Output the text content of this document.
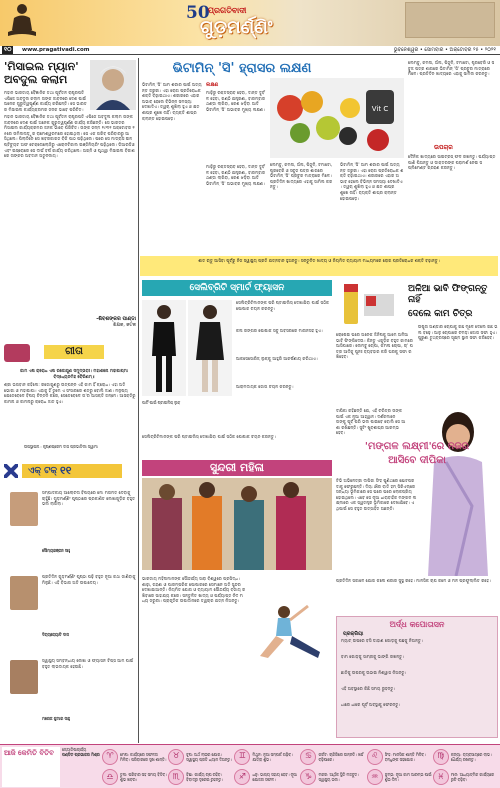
50
ପ୍ରଗତିବାଦୀ
ଗୁଡ଼ମର୍ଣ୍ଣିଂ
୧୦	www.pragativadi.com	ଭୁବନେଶ୍ୱର • ସୋମବାର • ଅକ୍ଟୋବର ୨୫ • ୨୦୨୧
'ମିସାଇଲ ମ୍ୟାନ' ଅବଦୁଲ କଲାମ
ମହାନ ଭାରତୀୟ ବୈଜ୍ଞାନିକ ତଥା ପୂର୍ବତନ ରାଷ୍ଟ୍ରପତି ଏପିଜେ ଅବଦୁଲ କଲାମ ତାଙ୍କ ଜୀବନରେ ଦେଶ ପାଇଁ ଅନେକ ଗୁରୁତ୍ୱପୂର୍ଣ୍ଣ କାର୍ଯ୍ୟ କରିଛନ୍ତି। ସେ ଭାରତର ମିସାଇଲ କାର୍ଯ୍ୟକ୍ରମର ଜନକ ଭାବେ ପରିଚିତ।
ମହାନ ଭାରତୀୟ ବୈଜ୍ଞାନିକ ତଥା ପୂର୍ବତନ ରାଷ୍ଟ୍ରପତି ଏପିଜେ ଅବଦୁଲ କଲାମ ତାଙ୍କ ଜୀବନରେ ଦେଶ ପାଇଁ ଅନେକ ଗୁରୁତ୍ୱପୂର୍ଣ୍ଣ କାର୍ଯ୍ୟ କରିଛନ୍ତି। ସେ ଭାରତର ମିସାଇଲ କାର୍ଯ୍ୟକ୍ରମର ଜନକ ଭାବେ ପରିଚିତ। ତାଙ୍କ ଜନ୍ମ ୧୯୩୧ ଅକ୍ଟୋବର ୧୫ରେ ତାମିଲନାଡ଼ୁର ରାମେଶ୍ୱରମରେ ହୋଇଥିଲା। ସେ ଏକ ଗରିବ ପରିବାରରୁ ଆସିଥିଲେ। ପିଲାଦିନେ ସେ ଖବରକାଗଜ ବିକି ପାଠ ପଢ଼ିଥିଲେ। ପରେ ସେ ମାଡ୍ରାସ ଇନଷ୍ଟିଚ୍ୟୁଟ ଅଫ ଟେକ୍ନୋଲୋଜିରୁ ଏରୋନଟିକାଲ ଇଞ୍ଜିନିୟରିଂ ପଢ଼ିଥିଲେ। ଡିଆରଡିଓ ଏବଂ ଇସ୍ରୋରେ ସେ ଦୀର୍ଘ ବର୍ଷ କାର୍ଯ୍ୟ କରିଥିଲେ। ଅଗ୍ନି ଓ ପୃଥ୍ୱୀ ମିସାଇଲ ବିକାଶରେ ତାଙ୍କର ଅବଦାନ ଅତୁଳନୀୟ।
-ଶିବଶଙ୍କର ପାଣ୍ଡା
ଶିକ୍ଷକ, କଟକ
ଗୀତା
କାମ ଏଷ କ୍ରୋଧ ଏଷ ରଜୋଗୁଣ ସମୁଦ୍ଭବଃ। ମହାଶନୋ ମହାପାପ୍ମା ବିଦ୍ଧ୍ୟେନମିହ ବୈରିଣମ୍॥
ଶ୍ରୀ ଭଗବାନ କହିଲେ: ରଜୋଗୁଣରୁ ଉତ୍ପନ୍ନ ଏହି କାମ ହିଁ କ୍ରୋଧ। ଏହା ଅତି ଭୋଗୀ ଓ ମହାପାପୀ। ଏହାକୁ ହିଁ ତୁମେ ଏ ସଂସାରରେ ଶତ୍ରୁ ବୋଲି ଜାଣ। ମନୁଷ୍ୟ ଯେତେବେଳେ ବିଷୟ ଚିନ୍ତନ କରେ, ସେତେବେଳେ ତା'ର ଆସକ୍ତି ଜନ୍ମେ। ଆସକ୍ତିରୁ କାମନା ଓ କାମନାରୁ କ୍ରୋଧ ଜାତ ହୁଏ।
ଉପସ୍ଥାପନା : କୃଷ୍ଣପ୍ରେମ ଦାସ ପ୍ରଭାତିଲୀ ସ୍ୱାମୀ
ଏକ୍ ଟକ୍ ୧୧
ସମ୍ପାଦକୀୟ ଆଲୋଚନା ବିଷୟରେ ମୋ ମତାମତ ଦେବାକୁ ଚାହୁଁଛି। ଗୁଡ଼ମର୍ଣ୍ଣିଂ ପୃଷ୍ଠାରେ ପ୍ରକାଶିତ ଲେଖାଗୁଡ଼ିକ ବହୁତ ଭଲ ଲାଗିଲା।
ସୌମ୍ୟରଞ୍ଜନ ସାହୁ
ପ୍ରତିଦିନ ଗୁଡ଼ମର୍ଣ୍ଣିଂ ପୃଷ୍ଠା ପଢ଼ି ବହୁତ ନୂଆ କଥା ଜାଣିବାକୁ ମିଳୁଛି। ଏହି ବିଭାଗ ଅତି ଉପାଦେୟ।
ଦିବ୍ୟଜ୍ୟୋତି ଦାସ
ସ୍ୱାସ୍ଥ୍ୟ ସମ୍ବନ୍ଧୀୟ ଲେଖା ଓ ଫ୍ୟାସନ ଟିପ୍ସ ଆମ ପାଇଁ ବହୁତ ଲାଭଦାୟକ ହେଉଛି।
ମନୋଜ କୁମାର ସାହୁ
ଭିଟାମିନ୍ 'ସି' ହ୍ରାସର ଲକ୍ଷଣ
ଭିଟାମିନ୍ 'ସି' ଆମ ଶରୀର ପାଇଁ ଅତ୍ୟନ୍ତ ଜରୁରୀ। ଏହା ରୋଗ ପ୍ରତିରୋଧକ ଶକ୍ତି ବଢ଼ାଇଥାଏ। ଶରୀରରେ ଏହାର ଅଭାବ ହେଲେ ବିଭିନ୍ନ ସମସ୍ୟା ଦେଖାଦିଏ। ତ୍ୱଚା ଶୁଖିଲା ହୁଏ ଓ କ୍ଷତ ଶୀଘ୍ର ଶୁଖେ ନାହିଁ। ବ୍ୟକ୍ତି ଶୀଘ୍ର କ୍ଲାନ୍ତ ହୋଇପଡ଼େ।
ଲକ୍ଷଣ
ମାଢ଼ିରୁ ରକ୍ତସ୍ରାବ ହେବା, ଦାନ୍ତ ଦୁର୍ବଳ ହେବା, ଗଣ୍ଠି ଯନ୍ତ୍ରଣା, ବାରମ୍ବାର ଥଣ୍ଡା ଲାଗିବା, କେଶ ଝଡ଼ିବା ଆଦି ଭିଟାମିନ୍ 'ସି' ଅଭାବର ମୁଖ୍ୟ ଲକ୍ଷଣ।	Vit C
ଲେମ୍ବୁ, କମଳା, ଅଁଳା, ପିଜୁଳି, ଟମାଟୋ, ଷ୍ଟ୍ରବେରି ଓ ସବୁଜ ପତ୍ର ଶାଗରେ ଭିଟାମିନ୍ 'ସି' ପ୍ରଚୁର ମାତ୍ରାରେ ମିଳେ। ପ୍ରତିଦିନ ଖାଦ୍ୟରେ ଏହାକୁ ସାମିଲ କରନ୍ତୁ।
ମାଢ଼ିରୁ ରକ୍ତସ୍ରାବ ହେବା, ଦାନ୍ତ ଦୁର୍ବଳ ହେବା, ଗଣ୍ଠି ଯନ୍ତ୍ରଣା, ବାରମ୍ବାର ଥଣ୍ଡା ଲାଗିବା, କେଶ ଝଡ଼ିବା ଆଦି ଭିଟାମିନ୍ 'ସି' ଅଭାବର ମୁଖ୍ୟ ଲକ୍ଷଣ।
ଭିଟାମିନ୍ 'ସି' ଆମ ଶରୀର ପାଇଁ ଅତ୍ୟନ୍ତ ଜରୁରୀ। ଏହା ରୋଗ ପ୍ରତିରୋଧକ ଶକ୍ତି ବଢ଼ାଇଥାଏ। ଶରୀରରେ ଏହାର ଅଭାବ ହେଲେ ବିଭିନ୍ନ ସମସ୍ୟା ଦେଖାଦିଏ। ତ୍ୱଚା ଶୁଖିଲା ହୁଏ ଓ କ୍ଷତ ଶୀଘ୍ର ଶୁଖେ ନାହିଁ। ବ୍ୟକ୍ତି ଶୀଘ୍ର କ୍ଲାନ୍ତ ହୋଇପଡ଼େ।
ଲେମ୍ବୁ, କମଳା, ଅଁଳା, ପିଜୁଳି, ଟମାଟୋ, ଷ୍ଟ୍ରବେରି ଓ ସବୁଜ ପତ୍ର ଶାଗରେ ଭିଟାମିନ୍ 'ସି' ପ୍ରଚୁର ମାତ୍ରାରେ ମିଳେ। ପ୍ରତିଦିନ ଖାଦ୍ୟରେ ଏହାକୁ ସାମିଲ କରନ୍ତୁ।
ଉପଚାର
ଦୈନିକ ଖାଦ୍ୟରେ ସାଇଟ୍ରସ୍ ଫଳ ରଖନ୍ତୁ। ପର୍ଯ୍ୟାପ୍ତ ପାଣି ପିଅନ୍ତୁ ଓ ଡାକ୍ତରଙ୍କ ପରାମର୍ଶ ନେଇ ସପ୍ଲିମେଣ୍ଟ ଗ୍ରହଣ କରନ୍ତୁ।
ଶୀତ ଋତୁ ଆସିବା ପୂର୍ବରୁ ନିଜ ସ୍ୱାସ୍ଥ୍ୟ ପ୍ରତି ଯତ୍ନବାନ ହୁଅନ୍ତୁ। ସନ୍ତୁଳିତ ଖାଦ୍ୟ ଓ ନିୟମିତ ବ୍ୟାୟାମ ମାଧ୍ୟମରେ ରୋଗ ପ୍ରତିରୋଧକ ଶକ୍ତି ବଢ଼ାନ୍ତୁ।
ସେଲିବ୍ରିଟି ସ୍ମାର୍ଟ ଫ୍ୟାସନ
ପାର୍ଟି ପାଇଁ ଷ୍ଟାଇଲିସ୍ ଲୁକ୍
ସେଲିବ୍ରିଟିମାନଙ୍କ ପରି ଷ୍ଟାଇଲିସ୍ ଦେଖାଯିବା ପାଇଁ ସଠିକ ପୋଷାକ ଚୟନ କରନ୍ତୁ।
କଳା ରଙ୍ଗର ପୋଷାକ ସବୁ ଅବସରରେ ମାନାନସହ ହୁଏ।
ଆକସେସୋରିଜ୍ ଲୁକ୍‌କୁ ଆହୁରି ଆକର୍ଷଣୀୟ କରିଥାଏ।
ଆରାମଦାୟକ ଜୋତା ଚୟନ କରନ୍ତୁ।
ଅଳିଆ ଭାବି ଫିଙ୍ଗନ୍ତୁ ନାହିଁ
ଦେଲେ କାମ ଚିତ୍ର
ରୋଷେଇ ଘରେ ଅନେକ ଜିନିଷକୁ ଆମେ ଅଳିଆ ଭାବି ଫିଙ୍ଗିଦେଉ। କିନ୍ତୁ ଏଗୁଡ଼ିକ ବହୁତ କାମରେ ଆସିପାରେ। ଲେମ୍ବୁ ଚୋପା, କମଳା ଚୋପା, ଚା' ପତ୍ର ଆଦିକୁ ପୁନଃ ବ୍ୟବହାର କରି ଘରକୁ ସଫା ରଖିହେବ।
ଉଷୁନା ଅଣ୍ଡାର ଚୋପାକୁ ଗଛ ମୂଳେ ଦେଲେ ଗଛ ଭଲ ବଢ଼େ। ଆଳୁ ଚୋପାରେ ଚମଡ଼ା ଜୋତା ସଫା ହୁଏ। ପୁରୁଣା ଟୁଥ୍‌ବ୍ରସ୍‌ରେ ସୂକ୍ଷ୍ମ ସ୍ଥାନ ସଫା କରିହେବ।
ସେଲିବ୍ରିଟିମାନଙ୍କ ପରି ଷ୍ଟାଇଲିସ୍ ଦେଖାଯିବା ପାଇଁ ସଠିକ ପୋଷାକ ଚୟନ କରନ୍ତୁ।
ସୁନ୍ଦରୀ ମହିଳା
ଦୀପିକା କହିଛନ୍ତି ଯେ, ଏହି ଚରିତ୍ର ତାଙ୍କ ପାଇଁ ଏକ ନୂଆ ଆହ୍ୱାନ। ଦର୍ଶକମାନେ ତାଙ୍କୁ ପୂର୍ବ ପରି ଭଲ ପାଇବେ ବୋଲି ସେ ଆଶା ରଖିଛନ୍ତି। ସୁଟିଂ ଖୁବଶୀଘ୍ର ଆରମ୍ଭ ହେବ।
'ମଙ୍ଗଳ ଲକ୍ଷ୍ମୀ'ରେ ନଜର
ଆସିବେ ଦୀପିକା
ଟିଭି ଅଭିନେତ୍ରୀ ଦୀପିକା ସିଂହ ପୁଣିଥରେ ଛୋଟପରଦାକୁ ଫେରୁଛନ୍ତି। ଦିୟା ଔର ବାତି ହମ୍ ସିରିଏଲ୍‌ରେ ସନ୍ଧ୍ୟା ଭୂମିକାରେ ସେ ଘରେ ଘରେ ଲୋକପ୍ରିୟ ହୋଇଥିଲେ। ଏବେ ସେ ନୂଆ ଧାରାବାହିକ ମଙ୍ଗଳ ଲକ୍ଷ୍ମୀରେ ଏକ ସ୍ୱତନ୍ତ୍ର ଭୂମିକାରେ ଦେଖାଯିବେ। ଏଥିପାଇଁ ସେ ବହୁତ ଉତ୍ସାହିତ ଅଛନ୍ତି।
ଭାରତୀୟ ମହିଳାମାନଙ୍କ ସୌନ୍ଦର୍ଯ୍ୟ ସାରା ବିଶ୍ୱରେ ପ୍ରସିଦ୍ଧ। ଶାଢ଼ୀ, ଗହଣା ଓ ପାରମ୍ପରିକ ପୋଷାକରେ ସେମାନେ ଅତି ସୁନ୍ଦର ଦେଖାଯାଆନ୍ତି। ନିୟମିତ ଯୋଗ ଓ ବ୍ୟାୟାମ ସୌନ୍ଦର୍ଯ୍ୟ ବଜାୟ ରଖିବାରେ ସାହାଯ୍ୟ କରେ। ସନ୍ତୁଳିତ ଖାଦ୍ୟ ଓ ପର୍ଯ୍ୟାପ୍ତ ନିଦ ମଧ୍ୟ ଜରୁରୀ। ପ୍ରାକୃତିକ ଉପାଦାନରେ ତ୍ୱଚାର ଯତ୍ନ ନିଅନ୍ତୁ।
ପ୍ରତିଦିନ ସକାଳେ ଯୋଗ କଲେ ଶରୀର ସୁସ୍ଥ ରହେ। ମାନସିକ ଚାପ କମେ ଓ ମନ ପ୍ରଫୁଲ୍ଲିତ ରହେ।
ଅର୍ଦ୍ଧ କପୋତାସନ
ପ୍ରକ୍ରିୟା
ମ୍ୟାଟ୍ ଉପରେ ବସି ଡାହାଣ ଗୋଡ଼କୁ ପଛକୁ ନିଅନ୍ତୁ।
ବାମ ଗୋଡ଼କୁ ସାମ୍ନାକୁ ଭାଙ୍ଗି ରଖନ୍ତୁ।
ଛାତିକୁ ଉପରକୁ ଉଠାଇ ନିଶ୍ୱାସ ନିଅନ୍ତୁ।
ଏହି ଅବସ୍ଥାରେ କିଛି ସମୟ ରୁହନ୍ତୁ।
ଧୀରେ ଧୀରେ ପୂର୍ବ ଅବସ୍ଥାକୁ ଫେରନ୍ତୁ।
ଆଜି କେମିତି ବିତିବ	ଜ୍ୟୋତିଷାଚାର୍ଯ୍ୟ
ପଣ୍ଡିତ ପ୍ରଭାକର ମିଶ୍ର ♈	ମେଷ: କାର୍ଯ୍ୟରେ ସଫଳତା ମିଳିବ। ପରିବାରରେ ସୁଖ ଶାନ୍ତି। ♉	ବୃଷ: ଅର୍ଥ ଲାଭର ଯୋଗ। ସ୍ୱାସ୍ଥ୍ୟ ପ୍ରତି ଧ୍ୟାନ ଦିଅନ୍ତୁ। ♊	ମିଥୁନ: ନୂଆ ସମ୍ପର୍କ ଗଢ଼ିବ। ଯାତ୍ରା ଶୁଭ।	♋	କର୍କଟ: ଚାକିରିରେ ଉନ୍ନତି। ଖର୍ଚ୍ଚ ବଢ଼ିପାରେ।	♌	ସିଂହ: ମାନସିକ ଶାନ୍ତି ମିଳିବ। ବନ୍ଧୁଙ୍କ ସହଯୋଗ।	♍	କନ୍ୟା: ବ୍ୟବସାୟରେ ଲାଭ। ଧୈର୍ଯ୍ୟ ରଖନ୍ତୁ।
♎	ତୁଳା: ପରିବାର ସହ ସମୟ ବିତିବ। ଶୁଭ ଖବର।	♏	ବିଛା: କାର୍ଯ୍ୟ ଚାପ ରହିବ। ବିବାଦରୁ ଦୂରେଇ ରୁହନ୍ତୁ।	♐	ଧନୁ: ଭାଗ୍ୟ ସହାୟ ହେବ। ନୂଆ ଯୋଜନା ସଫଳ।	♑	ମକର: ଆର୍ଥିକ ସ୍ଥିତି ମଜବୁତ। ସ୍ୱାସ୍ଥ୍ୟ ଭଲ।	♒	କୁମ୍ଭ: ନୂଆ କାମ ଆରମ୍ଭ ପାଇଁ ଶୁଭ ଦିନ।	♓	ମୀନ: ଆଧ୍ୟାତ୍ମିକ କାର୍ଯ୍ୟରେ ରୁଚି ବଢ଼ିବ।
